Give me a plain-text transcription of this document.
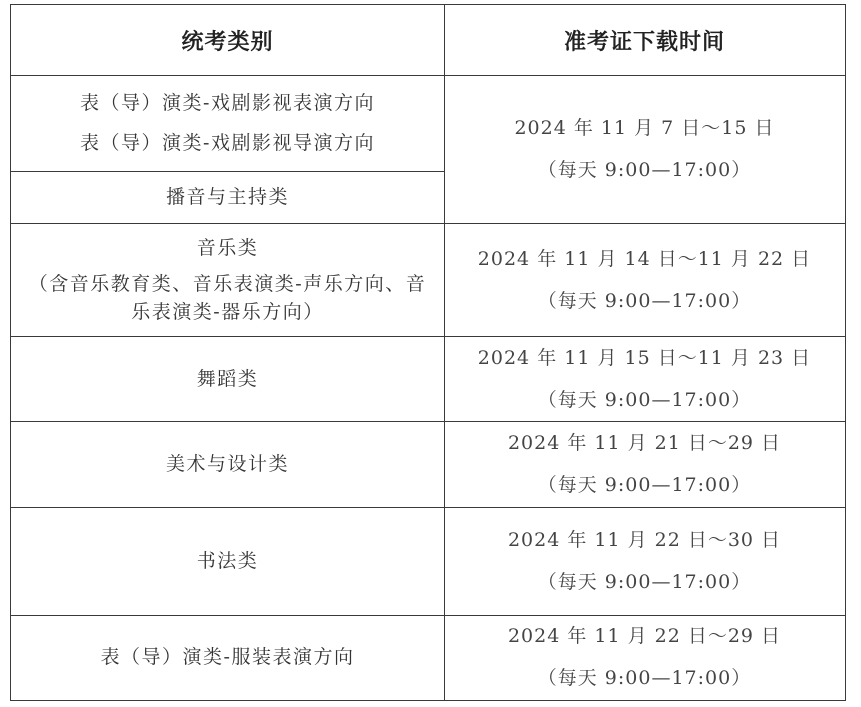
统考类别	准考证下载时间
表（导）演类-戏剧影视表演方向
表（导）演类-戏剧影视导演方向
播音与主持类
2024 年 11 月 7 日～15 日
（每天 9:00—17:00）
音乐类
（含音乐教育类、音乐表演类-声乐方向、音
乐表演类-器乐方向）
2024 年 11 月 14 日～11 月 22 日
（每天 9:00—17:00）
舞蹈类
2024 年 11 月 15 日～11 月 23 日
（每天 9:00—17:00）
美术与设计类
2024 年 11 月 21 日～29 日
（每天 9:00—17:00）
书法类
2024 年 11 月 22 日～30 日
（每天 9:00—17:00）
表（导）演类-服装表演方向
2024 年 11 月 22 日～29 日
（每天 9:00—17:00）
